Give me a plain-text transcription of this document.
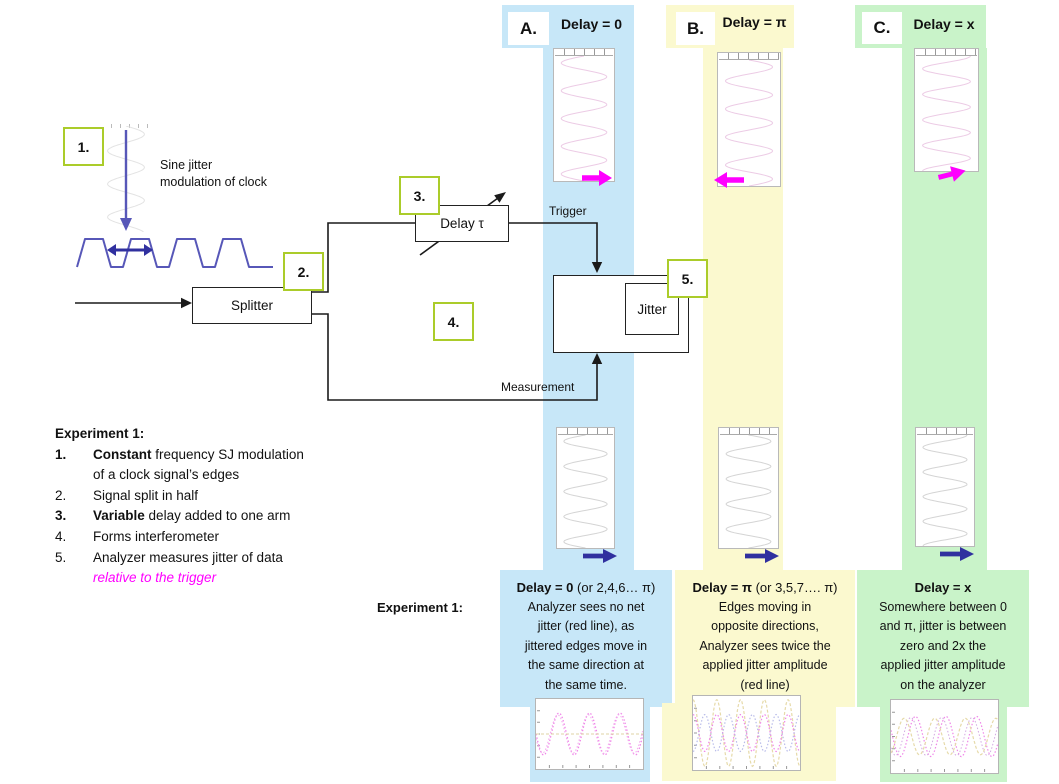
A.	Delay = 0
Delay = 0 (or 2,4,6… π)
Analyzer sees no net
jitter (red line), as
jittered edges move in
the same direction at
the same time.
B.	Delay = π
Delay = π (or 3,5,7…. π)
Edges moving in
opposite directions,
Analyzer sees twice the
applied jitter amplitude
(red line)
C.	Delay = x
Delay = x
Somewhere between 0
and π, jitter is between
zero and 2x the
applied jitter amplitude
on the analyzer
Sine jitter
modulation of clock
Splitter
Delay τ
Jitter
Trigger
Measurement
1.
2.
3.
4.
5.
Experiment 1:
1.	Constant frequency SJ modulation
of a clock signal’s edges
2.	Signal split in half
3.	Variable delay added to one arm
4.	Forms interferometer
5.	Analyzer measures jitter of data
relative to the trigger
Experiment 1:
